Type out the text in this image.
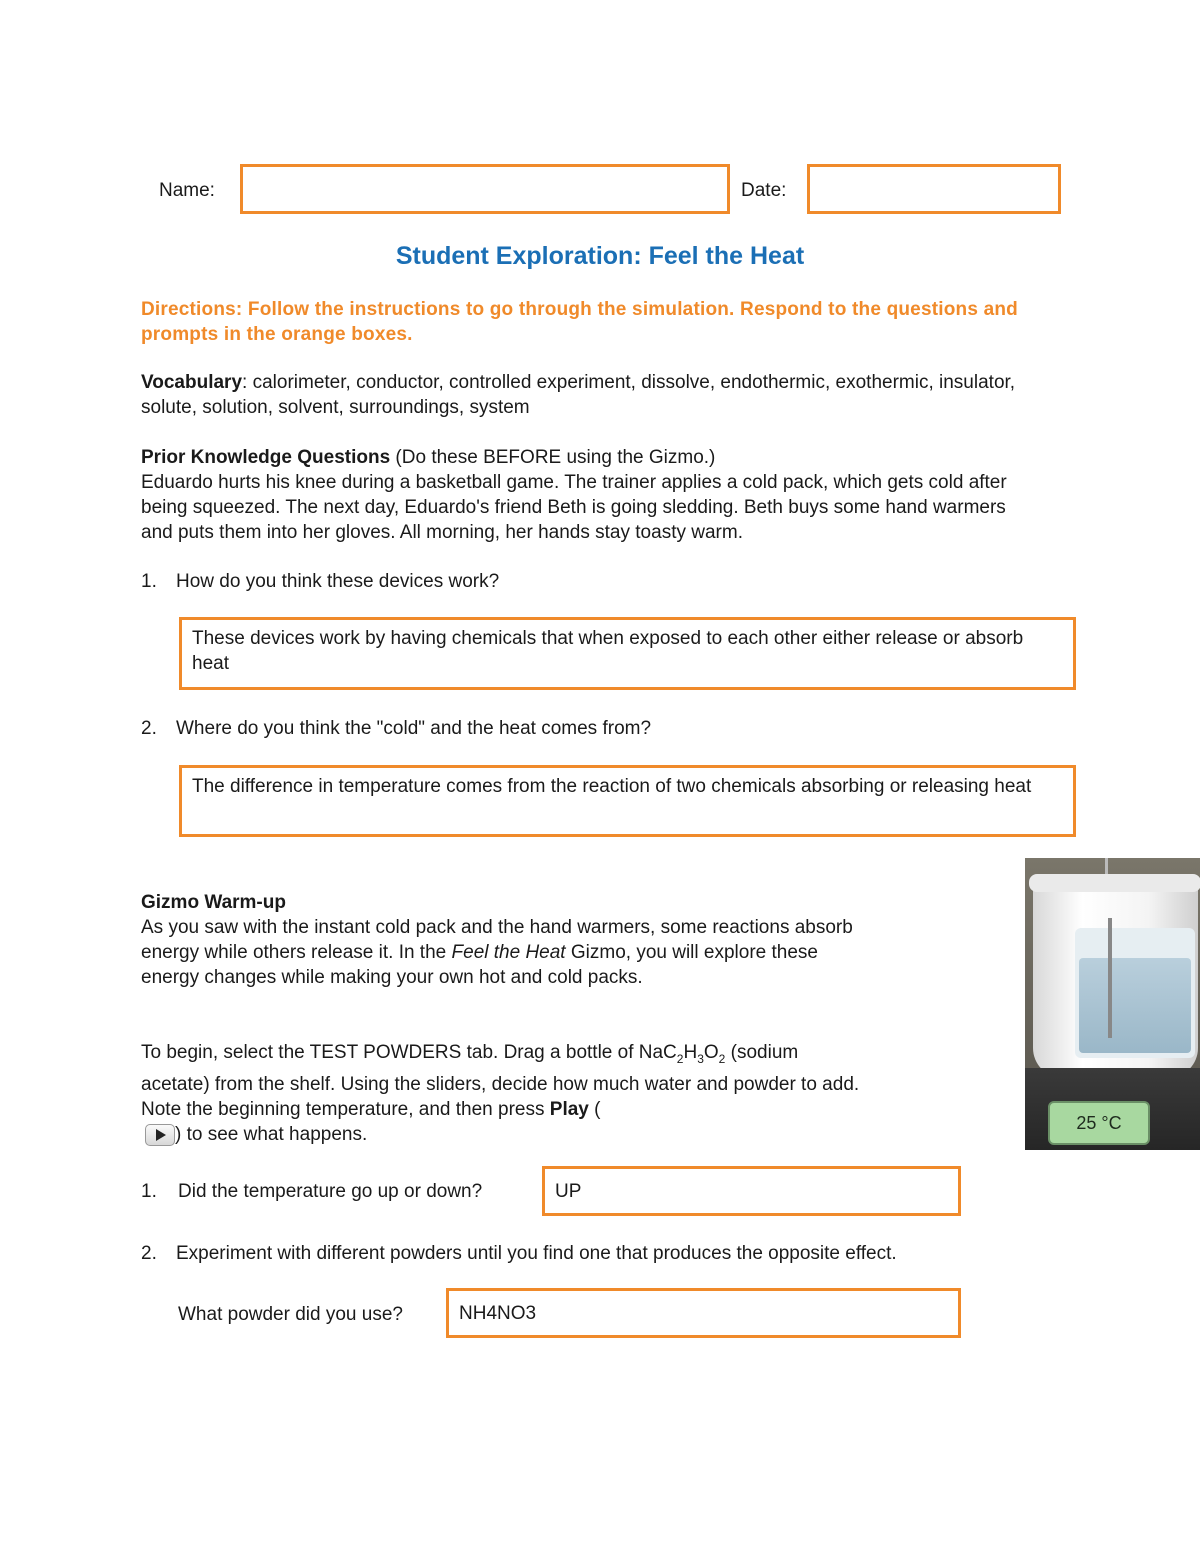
Name:	Date:
Student Exploration: Feel the Heat
Directions: Follow the instructions to go through the simulation. Respond to the questions and prompts in the orange boxes.
Vocabulary: calorimeter, conductor, controlled experiment, dissolve, endothermic, exothermic, insulator, solute, solution, solvent, surroundings, system
Prior Knowledge Questions (Do these BEFORE using the Gizmo.)
Eduardo hurts his knee during a basketball game. The trainer applies a cold pack, which gets cold after being squeezed. The next day, Eduardo's friend Beth is going sledding. Beth buys some hand warmers and puts them into her gloves. All morning, her hands stay toasty warm.
1. How do you think these devices work?
These devices work by having chemicals that when exposed to each other either release or absorb heat
2. Where do you think the "cold" and the heat comes from?
The difference in temperature comes from the reaction of two chemicals absorbing or releasing heat
Gizmo Warm-up
As you saw with the instant cold pack and the hand warmers, some reactions absorb energy while others release it. In the Feel the Heat Gizmo, you will explore these energy changes while making your own hot and cold packs.
To begin, select the TEST POWDERS tab. Drag a bottle of $NaC_2H_3O_2$ (sodium acetate) from the shelf. Using the sliders, decide how much water and powder to add. Note the beginning temperature, and then press Play (
) to see what happens.
25 °C
1. Did the temperature go up or down?	UP
2. Experiment with different powders until you find one that produces the opposite effect.
What powder did you use?	NH4NO3
